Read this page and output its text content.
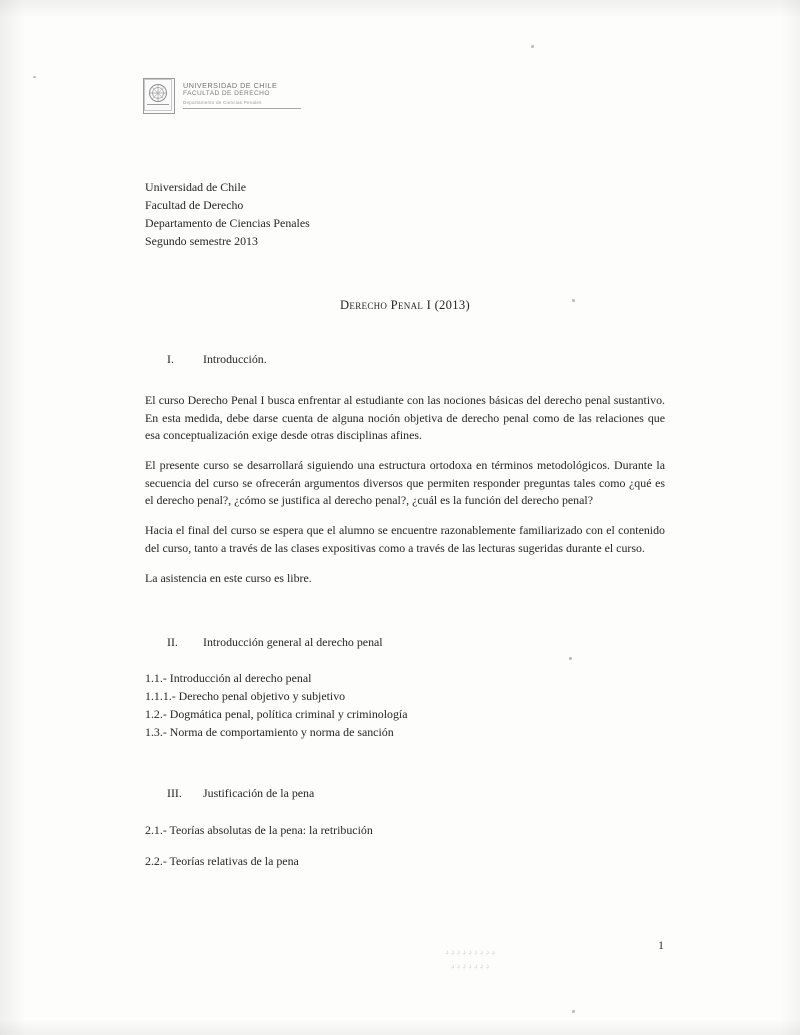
UNIVERSIDAD DE CHILE
FACULTAD DE DERECHO
Departamento de Ciencias Penales
Universidad de Chile
Facultad de Derecho
Departamento de Ciencias Penales
Segundo semestre 2013
Derecho Penal I (2013)
I.	Introducción.

El curso Derecho Penal I busca enfrentar al estudiante con las nociones básicas del derecho penal sustantivo. En esta medida, debe darse cuenta de alguna noción objetiva de derecho penal como de las relaciones que esa conceptualización exige desde otras disciplinas afines.

El presente curso se desarrollará siguiendo una estructura ortodoxa en términos metodológicos. Durante la secuencia del curso se ofrecerán argumentos diversos que permiten responder preguntas tales como ¿qué es el derecho penal?, ¿cómo se justifica al derecho penal?, ¿cuál es la función del derecho penal?

Hacia el final del curso se espera que el alumno se encuentre razonablemente familiarizado con el contenido del curso, tanto a través de las clases expositivas como a través de las lecturas sugeridas durante el curso.

La asistencia en este curso es libre.

II.	Introducción general al derecho penal
1.1.- Introducción al derecho penal
1.1.1.- Derecho penal objetivo y subjetivo
1.2.- Dogmática penal, política criminal y criminología
1.3.- Norma de comportamiento y norma de sanción
III.	Justificación de la pena
2.1.- Teorías absolutas de la pena: la retribución
2.2.- Teorías relativas de la pena
1
ڊ ڊ ڊ ڊ ڊ ڊ ڊ ڊ ڊ
ڊ ڊ ڊ ڊ ڊ ڊ ڊ
